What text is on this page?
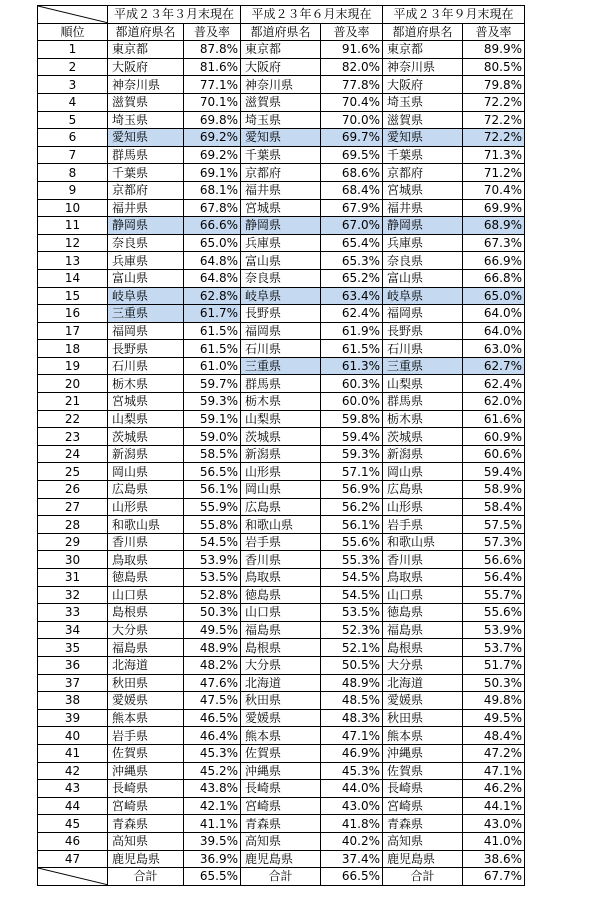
	平成２３年３月末現在		平成２３年６月末現在		平成２３年９月末現在	
順位	都道府県名	普及率	都道府県名	普及率	都道府県名	普及率
1	東京都	87.8%	東京都	91.6%	東京都	89.9%
2	大阪府	81.6%	大阪府	82.0%	神奈川県	80.5%
3	神奈川県	77.1%	神奈川県	77.8%	大阪府	79.8%
4	滋賀県	70.1%	滋賀県	70.4%	埼玉県	72.2%
5	埼玉県	69.8%	埼玉県	70.0%	滋賀県	72.2%
6	愛知県	69.2%	愛知県	69.7%	愛知県	72.2%
7	群馬県	69.2%	千葉県	69.5%	千葉県	71.3%
8	千葉県	69.1%	京都府	68.6%	京都府	71.2%
9	京都府	68.1%	福井県	68.4%	宮城県	70.4%
10	福井県	67.8%	宮城県	67.9%	福井県	69.9%
11	静岡県	66.6%	静岡県	67.0%	静岡県	68.9%
12	奈良県	65.0%	兵庫県	65.4%	兵庫県	67.3%
13	兵庫県	64.8%	富山県	65.3%	奈良県	66.9%
14	富山県	64.8%	奈良県	65.2%	富山県	66.8%
15	岐阜県	62.8%	岐阜県	63.4%	岐阜県	65.0%
16	三重県	61.7%	長野県	62.4%	福岡県	64.0%
17	福岡県	61.5%	福岡県	61.9%	長野県	64.0%
18	長野県	61.5%	石川県	61.5%	石川県	63.0%
19	石川県	61.0%	三重県	61.3%	三重県	62.7%
20	栃木県	59.7%	群馬県	60.3%	山梨県	62.4%
21	宮城県	59.3%	栃木県	60.0%	群馬県	62.0%
22	山梨県	59.1%	山梨県	59.8%	栃木県	61.6%
23	茨城県	59.0%	茨城県	59.4%	茨城県	60.9%
24	新潟県	58.5%	新潟県	59.3%	新潟県	60.6%
25	岡山県	56.5%	山形県	57.1%	岡山県	59.4%
26	広島県	56.1%	岡山県	56.9%	広島県	58.9%
27	山形県	55.9%	広島県	56.2%	山形県	58.4%
28	和歌山県	55.8%	和歌山県	56.1%	岩手県	57.5%
29	香川県	54.5%	岩手県	55.6%	和歌山県	57.3%
30	鳥取県	53.9%	香川県	55.3%	香川県	56.6%
31	徳島県	53.5%	鳥取県	54.5%	鳥取県	56.4%
32	山口県	52.8%	徳島県	54.5%	山口県	55.7%
33	島根県	50.3%	山口県	53.5%	徳島県	55.6%
34	大分県	49.5%	福島県	52.3%	福島県	53.9%
35	福島県	48.9%	島根県	52.1%	島根県	53.7%
36	北海道	48.2%	大分県	50.5%	大分県	51.7%
37	秋田県	47.6%	北海道	48.9%	北海道	50.3%
38	愛媛県	47.5%	秋田県	48.5%	愛媛県	49.8%
39	熊本県	46.5%	愛媛県	48.3%	秋田県	49.5%
40	岩手県	46.4%	熊本県	47.1%	熊本県	48.4%
41	佐賀県	45.3%	佐賀県	46.9%	沖縄県	47.2%
42	沖縄県	45.2%	沖縄県	45.3%	佐賀県	47.1%
43	長崎県	43.8%	長崎県	44.0%	長崎県	46.2%
44	宮崎県	42.1%	宮崎県	43.0%	宮崎県	44.1%
45	青森県	41.1%	青森県	41.8%	青森県	43.0%
46	高知県	39.5%	高知県	40.2%	高知県	41.0%
47	鹿児島県	36.9%	鹿児島県	37.4%	鹿児島県	38.6%

	合計	65.5%	合計	66.5%	合計	67.7%
